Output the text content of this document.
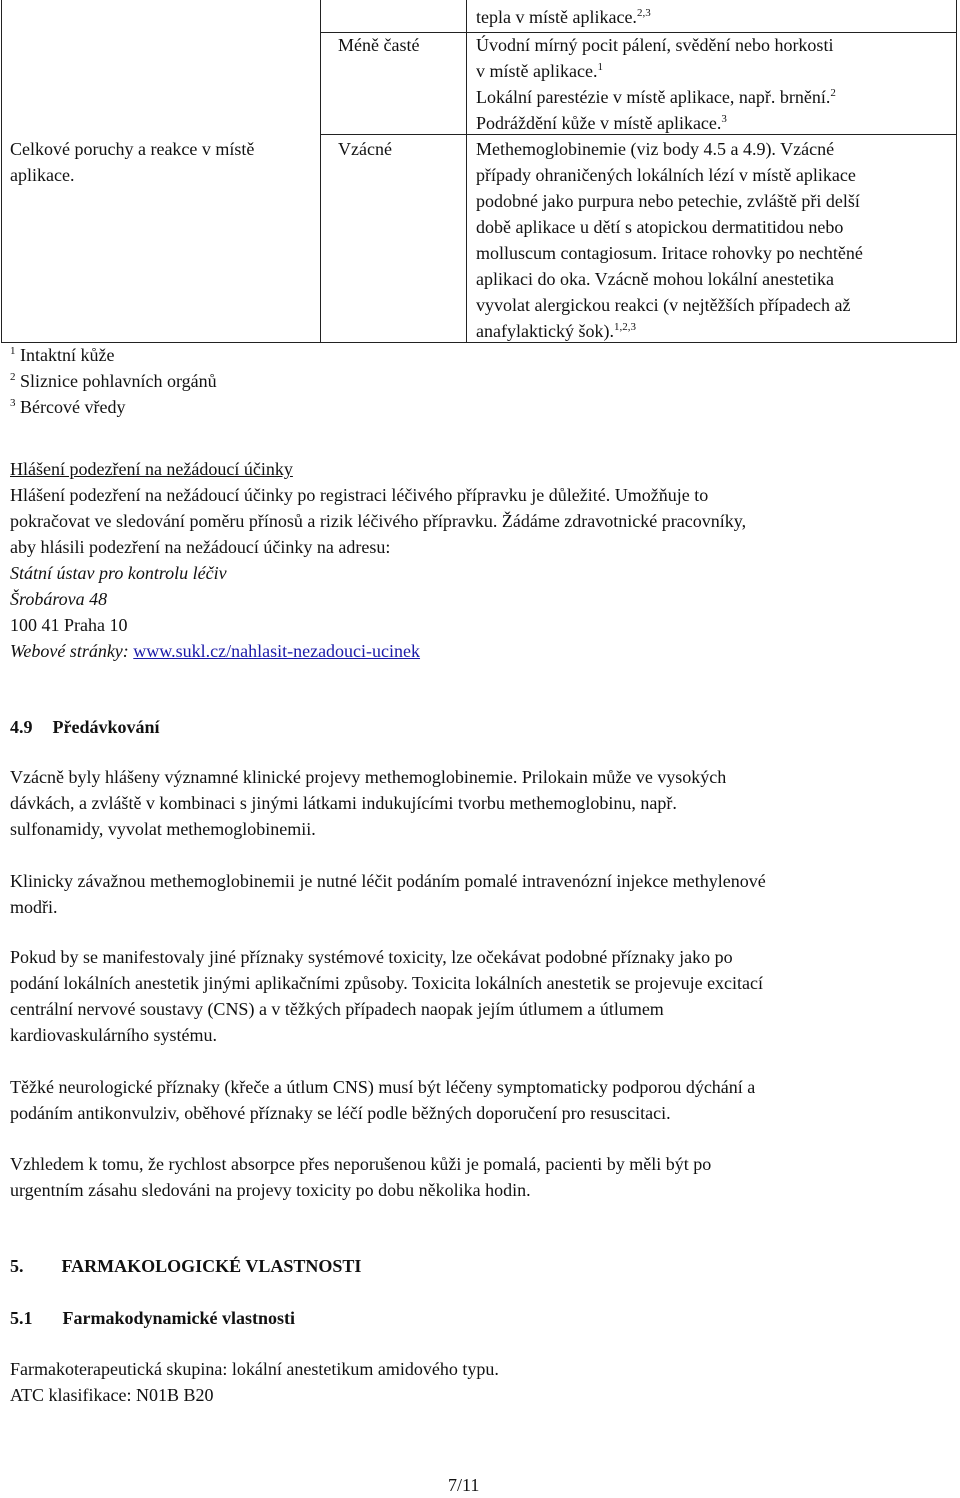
Celkové poruchy a reakce v místě
aplikace.
Méně časté
Vzácné
tepla v místě aplikace.$^{2,3}$
Úvodní mírný pocit pálení, svědění nebo horkosti
v místě aplikace.$^1$
Lokální parestézie v místě aplikace, např. brnění.$^2$
Podráždění kůže v místě aplikace.$^3$
Methemoglobinemie (viz body 4.5 a 4.9). Vzácné
případy ohraničených lokálních lézí v místě aplikace
podobné jako purpura nebo petechie, zvláště při delší
době aplikace u dětí s atopickou dermatitidou nebo
molluscum contagiosum. Iritace rohovky po nechtěné
aplikaci do oka. Vzácně mohou lokální anestetika
vyvolat alergickou reakci (v nejtěžších případech až
anafylaktický šok).$^{1,2,3}$
$^1$ Intaktní kůže
$^2$ Sliznice pohlavních orgánů
$^3$ Bércové vředy
Hlášení podezření na nežádoucí účinky
Hlášení podezření na nežádoucí účinky po registraci léčivého přípravku je důležité. Umožňuje to
pokračovat ve sledování poměru přínosů a rizik léčivého přípravku. Žádáme zdravotnické pracovníky,
aby hlásili podezření na nežádoucí účinky na adresu:
Státní ústav pro kontrolu léčiv
Šrobárova 48
100 41 Praha 10
Webové stránky: www.sukl.cz/nahlasit-nezadouci-ucinek
4.9 Předávkování
Vzácně byly hlášeny významné klinické projevy methemoglobinemie. Prilokain může ve vysokých
dávkách, a zvláště v kombinaci s jinými látkami indukujícími tvorbu methemoglobinu, např.
sulfonamidy, vyvolat methemoglobinemii.
Klinicky závažnou methemoglobinemii je nutné léčit podáním pomalé intravenózní injekce methylenové
modři.
Pokud by se manifestovaly jiné příznaky systémové toxicity, lze očekávat podobné příznaky jako po
podání lokálních anestetik jinými aplikačními způsoby. Toxicita lokálních anestetik se projevuje excitací
centrální nervové soustavy (CNS) a v těžkých případech naopak jejím útlumem a útlumem
kardiovaskulárního systému.
Těžké neurologické příznaky (křeče a útlum CNS) musí být léčeny symptomaticky podporou dýchání a
podáním antikonvulziv, oběhové příznaky se léčí podle běžných doporučení pro resuscitaci.
Vzhledem k tomu, že rychlost absorpce přes neporušenou kůži je pomalá, pacienti by měli být po
urgentním zásahu sledováni na projevy toxicity po dobu několika hodin.
5. FARMAKOLOGICKÉ VLASTNOSTI
5.1 Farmakodynamické vlastnosti
Farmakoterapeutická skupina: lokální anestetikum amidového typu.
ATC klasifikace: N01B B20
7/11
